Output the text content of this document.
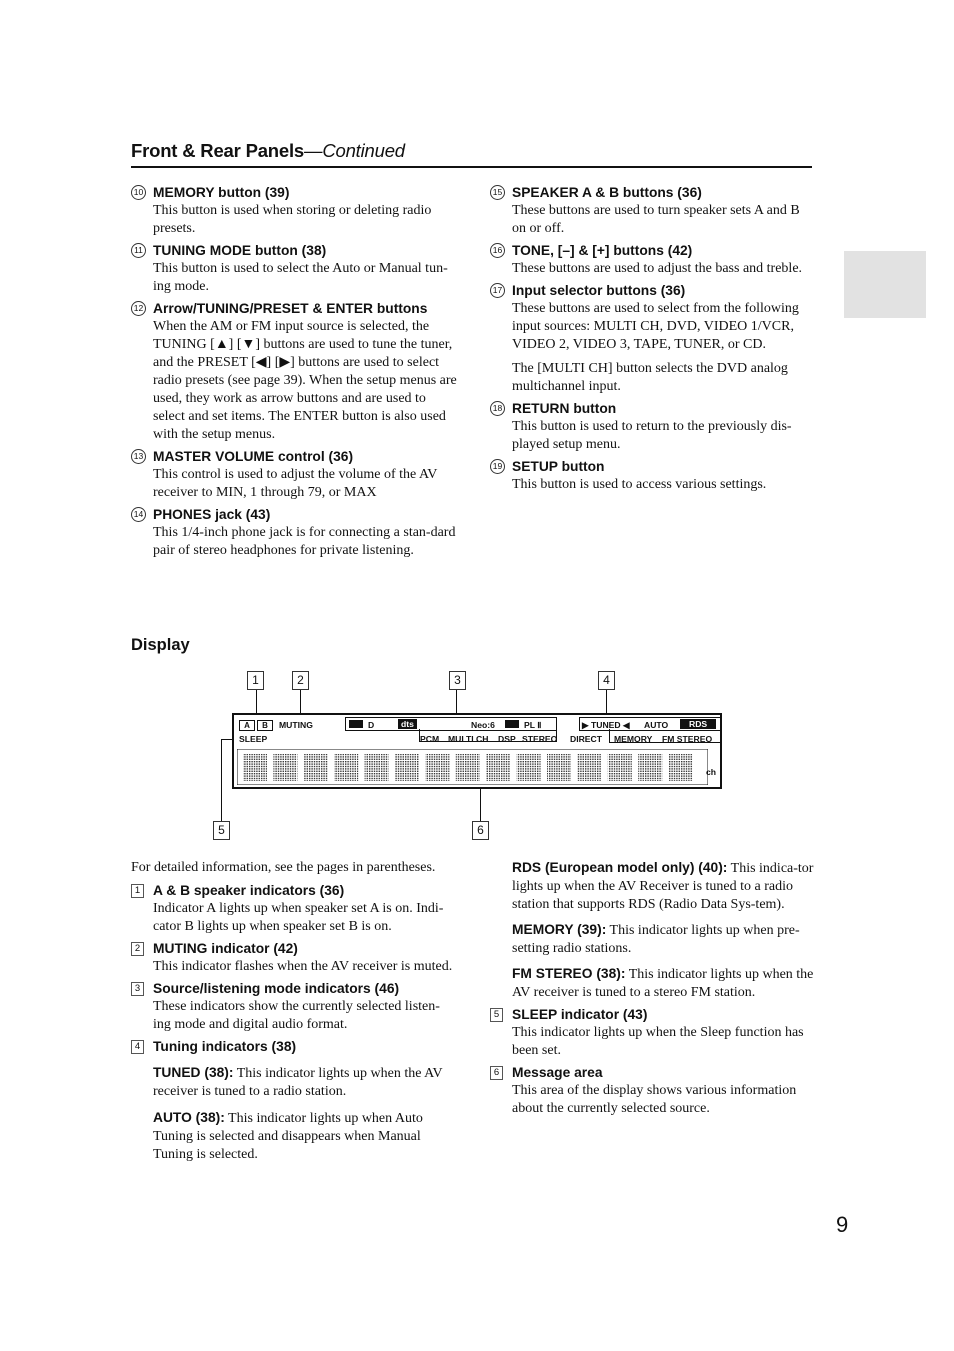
Front & Rear Panels—Continued
10 MEMORY button (39)
This button is used when storing or deleting radio presets.
11 TUNING MODE button (38)
This button is used to select the Auto or Manual tun-ing mode.
12 Arrow/TUNING/PRESET & ENTER buttons
When the AM or FM input source is selected, the TUNING [▲] [▼] buttons are used to tune the tuner, and the PRESET [◀] [▶] buttons are used to select radio presets (see page 39). When the setup menus are used, they work as arrow buttons and are used to select and set items. The ENTER button is also used with the setup menus.
13 MASTER VOLUME control (36)
This control is used to adjust the volume of the AV receiver to MIN, 1 through 79, or MAX
14 PHONES jack (43)
This 1/4-inch phone jack is for connecting a stan-dard pair of stereo headphones for private listening.
15 SPEAKER A & B buttons (36)
These buttons are used to turn speaker sets A and B on or off.
16 TONE, [–] & [+] buttons (42)
These buttons are used to adjust the bass and treble.
17 Input selector buttons (36)
These buttons are used to select from the following input sources: MULTI CH, DVD, VIDEO 1/VCR, VIDEO 2, VIDEO 3, TAPE, TUNER, or CD.
The [MULTI CH] button selects the DVD analog multichannel input.
18 RETURN button
This button is used to return to the previously dis-played setup menu.
19 SETUP button
This button is used to access various settings.
Display
1	2	3	4
5	6
A	B	MUTING
SLEEP
D	dts	Neo:6	PL Ⅱ
PCM MULTI CH DSP STEREO DIRECT
▶ TUNED ◀ AUTO	RDS
MEMORY FM STEREO
ch
For detailed information, see the pages in parentheses.
1 A & B speaker indicators (36)
Indicator A lights up when speaker set A is on. Indi-cator B lights up when speaker set B is on.
2 MUTING indicator (42)
This indicator flashes when the AV receiver is muted.
3 Source/listening mode indicators (46)
These indicators show the currently selected listen-ing mode and digital audio format.
4 Tuning indicators (38)
TUNED (38): This indicator lights up when the AV receiver is tuned to a radio station.
AUTO (38): This indicator lights up when Auto Tuning is selected and disappears when Manual Tuning is selected.
RDS (European model only) (40): This indica-tor lights up when the AV Receiver is tuned to a radio station that supports RDS (Radio Data Sys-tem).
MEMORY (39): This indicator lights up when pre-setting radio stations.
FM STEREO (38): This indicator lights up when the AV receiver is tuned to a stereo FM station.
5 SLEEP indicator (43)
This indicator lights up when the Sleep function has been set.
6 Message area
This area of the display shows various information about the currently selected source.
9
